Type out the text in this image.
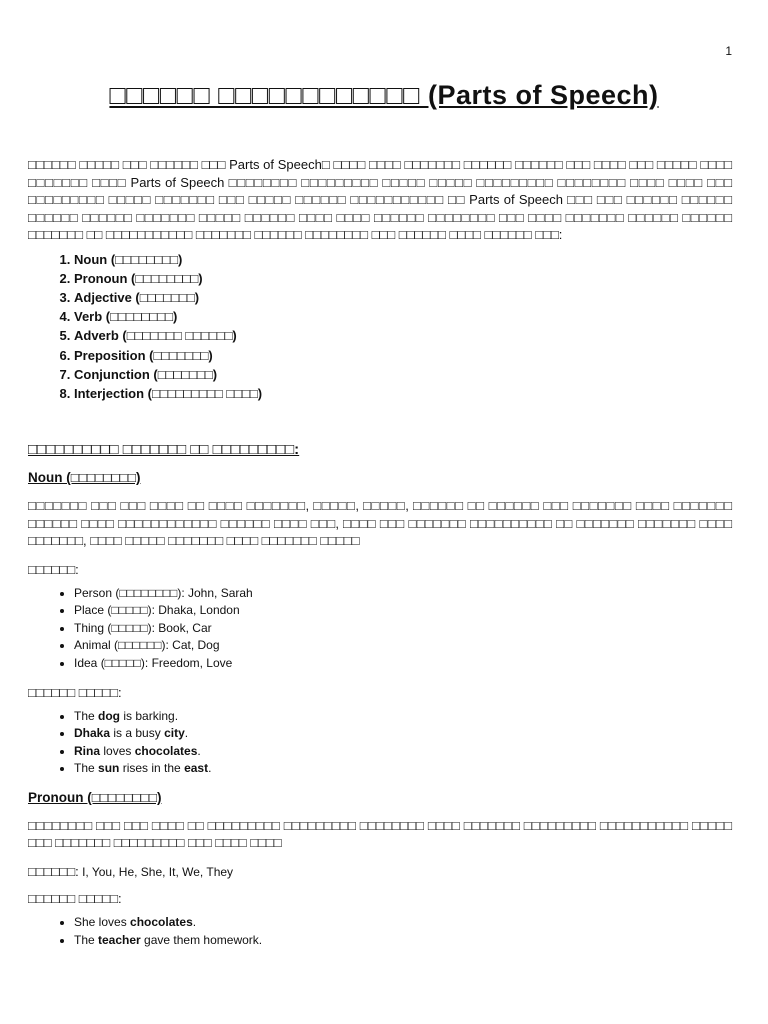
1
□□□□□□ □□□□□□□□□□□□ (Parts of Speech)

□□□□□□ □□□□□ □□□ □□□□□□ □□□ Parts of Speech□ □□□□ □□□□ □□□□□□□ □□□□□□ □□□□□□ □□□ □□□□ □□□ □□□□□ □□□□ □□□□□□□ □□□□ Parts of Speech □□□□□□□□ □□□□□□□□□ □□□□□ □□□□□ □□□□□□□□□ □□□□□□□□ □□□□ □□□□ □□□ □□□□□□□□□ □□□□□ □□□□□□□ □□□ □□□□□ □□□□□□ □□□□□□□□□□□ □□ Parts of Speech □□□ □□□ □□□□□□ □□□□□□ □□□□□□ □□□□□□ □□□□□□□ □□□□□ □□□□□□ □□□□ □□□□ □□□□□□ □□□□□□□□ □□□ □□□□ □□□□□□□ □□□□□□ □□□□□□ □□□□□□□ □□ □□□□□□□□□□□ □□□□□□□ □□□□□□ □□□□□□□□ □□□ □□□□□□ □□□□ □□□□□□ □□□:

1. Noun (□□□□□□□□)
2. Pronoun (□□□□□□□□)
3. Adjective (□□□□□□□)
4. Verb (□□□□□□□□)
5. Adverb (□□□□□□□ □□□□□□)
6. Preposition (□□□□□□□)
7. Conjunction (□□□□□□□)
8. Interjection (□□□□□□□□□ □□□□)

□□□□□□□□□□ □□□□□□□ □□ □□□□□□□□□:

Noun (□□□□□□□□)

□□□□□□□ □□□ □□□ □□□□ □□ □□□□ □□□□□□□, □□□□□, □□□□□, □□□□□□ □□ □□□□□□ □□□ □□□□□□□ □□□□ □□□□□□□ □□□□□□ □□□□ □□□□□□□□□□□□ □□□□□□ □□□□ □□□, □□□□ □□□ □□□□□□□ □□□□□□□□□□ □□ □□□□□□□ □□□□□□□ □□□□ □□□□□□□, □□□□ □□□□□ □□□□□□□ □□□□ □□□□□□□ □□□□□

□□□□□□:

• Person (□□□□□□□□): John, Sarah
• Place (□□□□□): Dhaka, London
• Thing (□□□□□): Book, Car
• Animal (□□□□□□): Cat, Dog
• Idea (□□□□□): Freedom, Love

□□□□□□ □□□□□:

• The dog is barking.
• Dhaka is a busy city.
• Rina loves chocolates.
• The sun rises in the east.

Pronoun (□□□□□□□□)

□□□□□□□□ □□□ □□□ □□□□ □□ □□□□□□□□□ □□□□□□□□□ □□□□□□□□ □□□□ □□□□□□□ □□□□□□□□□ □□□□□□□□□□□ □□□□□ □□□ □□□□□□□ □□□□□□□□□ □□□ □□□□ □□□□

□□□□□□: I, You, He, She, It, We, They

□□□□□□ □□□□□:

• She loves chocolates.
• The teacher gave them homework.
